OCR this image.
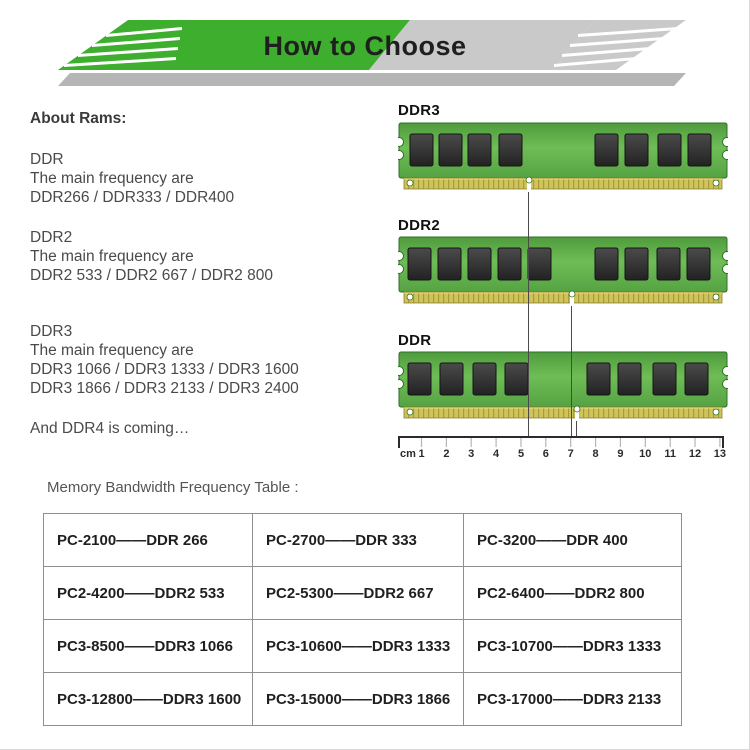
How to Choose
About Rams:
DDR
The main frequency are
DDR266 / DDR333 / DDR400
DDR2
The main frequency are
DDR2 533 / DDR2 667 / DDR2 800
DDR3
The main frequency are
DDR3 1066 / DDR3 1333 / DDR3 1600
DDR3 1866 / DDR3 2133 / DDR3 2400
And DDR4 is coming…
DDR3
DDR2
DDR
cm 1 2 3 4 5 6 7 8 9 10 11 12 13
Memory Bandwidth Frequency Table :
PC-2100——DDR 266	PC-2700——DDR 333	PC-3200——DDR 400
PC2-4200——DDR2 533	PC2-5300——DDR2 667	PC2-6400——DDR2 800
PC3-8500——DDR3 1066	PC3-10600——DDR3 1333	PC3-10700——DDR3 1333
PC3-12800——DDR3 1600	PC3-15000——DDR3 1866	PC3-17000——DDR3 2133
